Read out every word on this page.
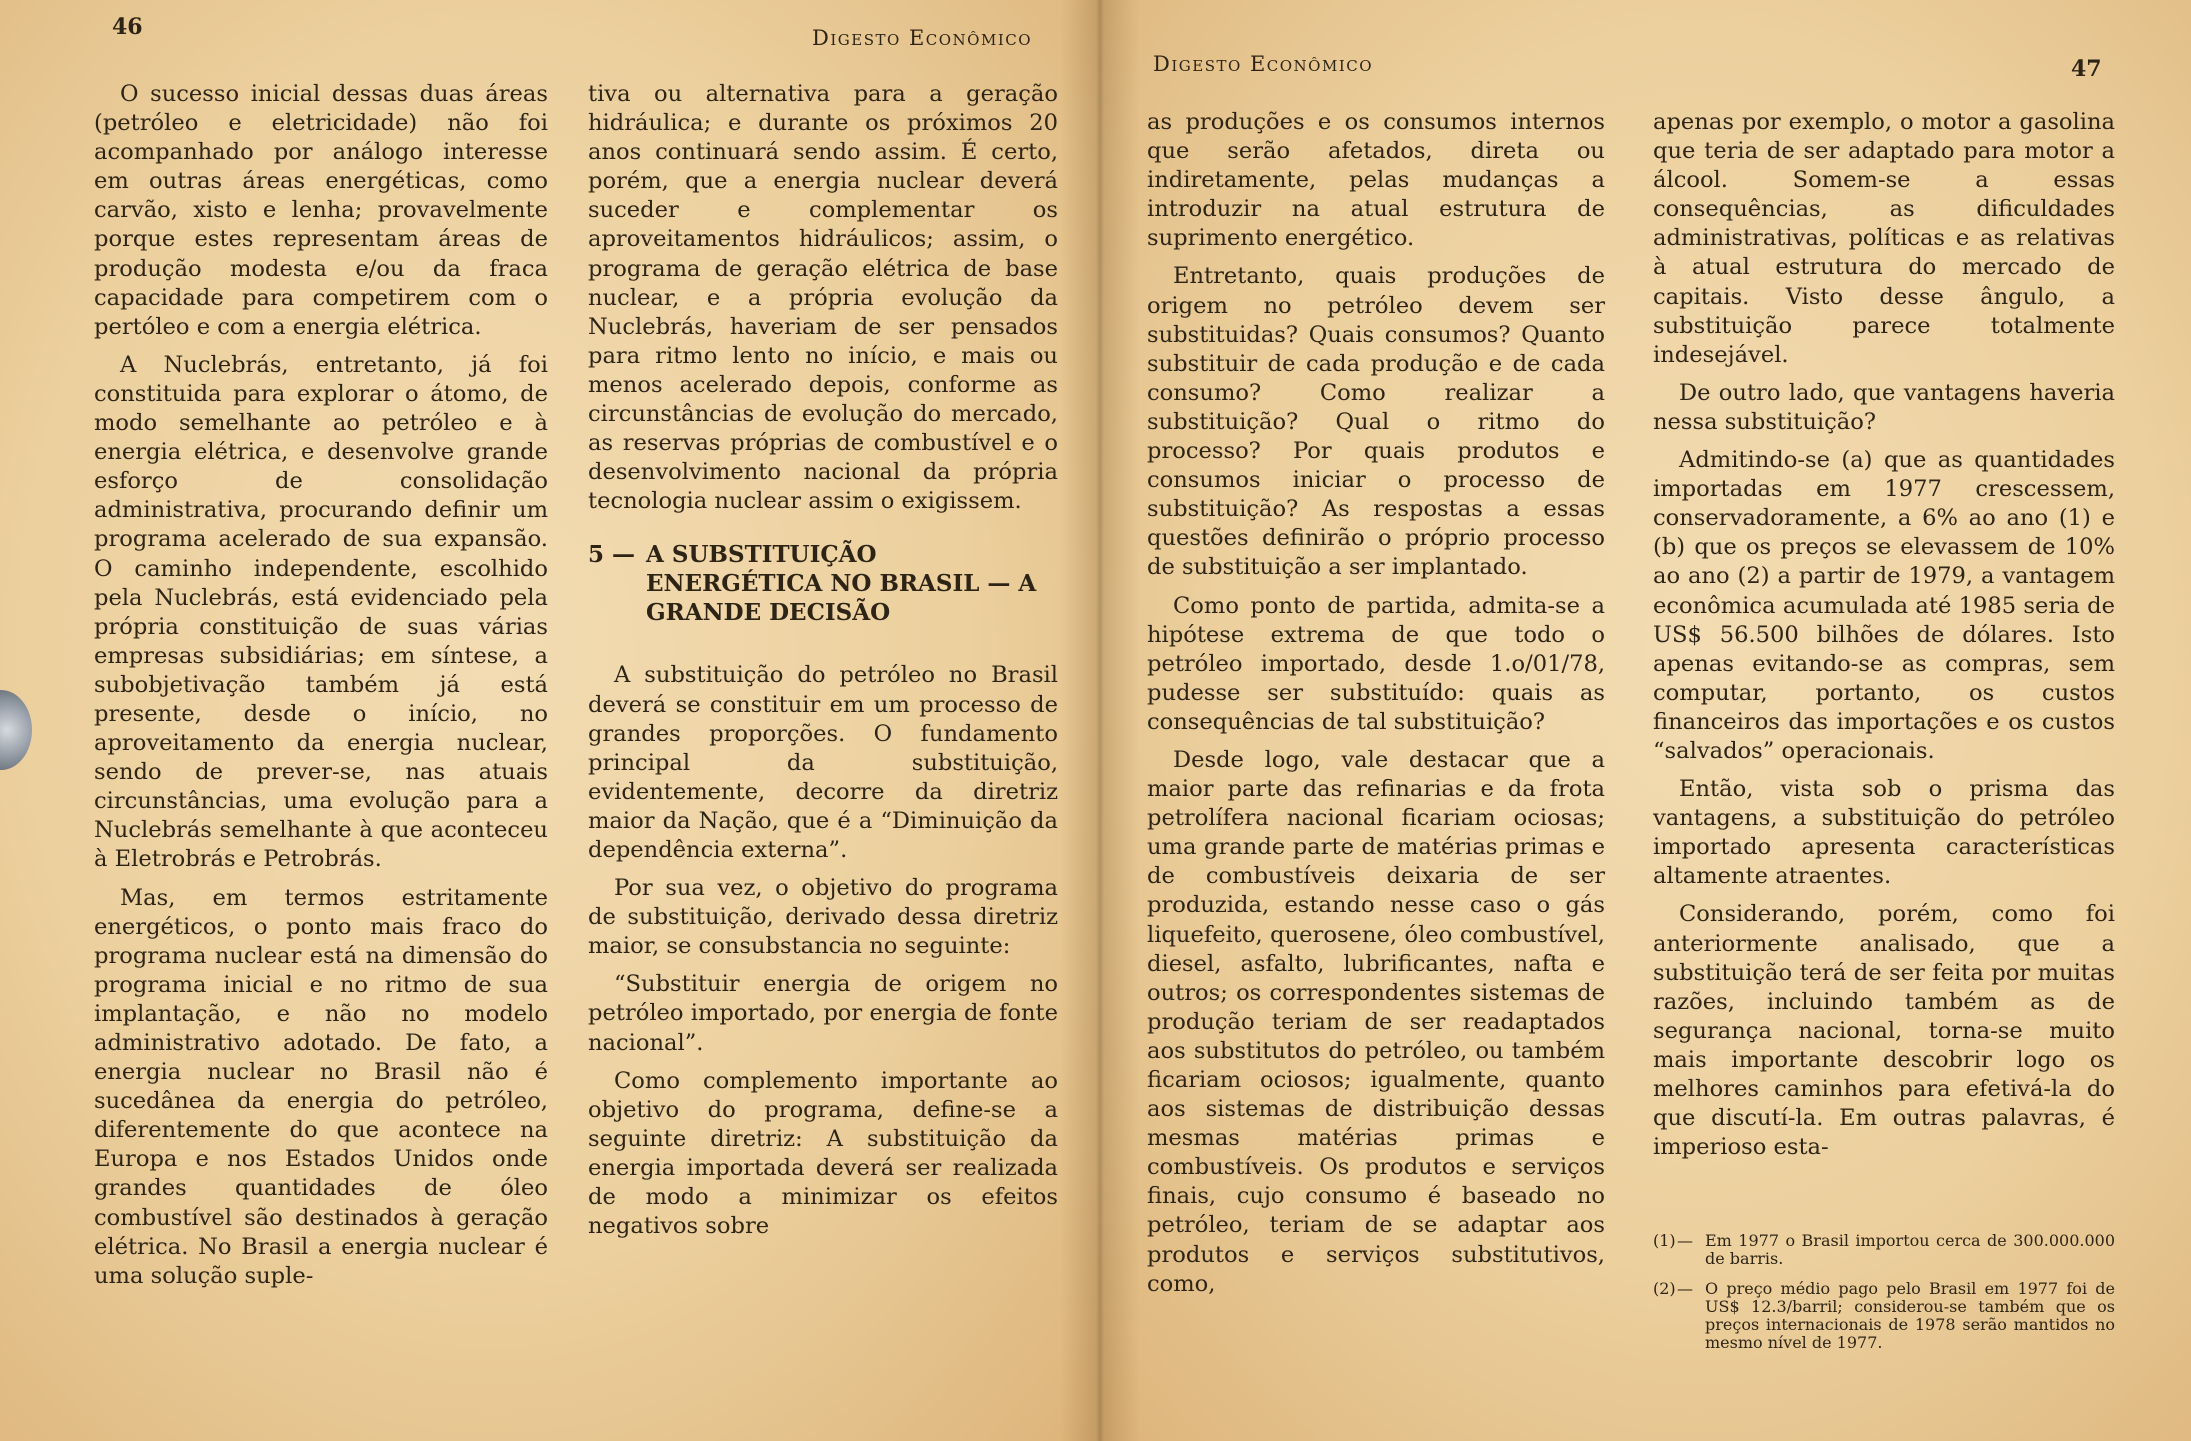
46	Digesto Econômico

O sucesso inicial dessas duas áreas (petróleo e eletricidade) não foi acompanhado por análogo interesse em outras áreas energéticas, como carvão, xisto e lenha; provavelmente porque estes representam áreas de produção modesta e/ou da fraca capacidade para competirem com o pertóleo e com a energia elétrica.

A Nuclebrás, entretanto, já foi constituida para explorar o átomo, de modo semelhante ao petróleo e à energia elétrica, e desenvolve grande esforço de consolidação administrativa, procurando definir um programa acelerado de sua expansão. O caminho independente, escolhido pela Nuclebrás, está evidenciado pela própria constituição de suas várias empresas subsidiárias; em síntese, a subobjetivação também já está presente, desde o início, no aproveitamento da energia nuclear, sendo de prever-se, nas atuais circunstâncias, uma evolução para a Nuclebrás semelhante à que aconteceu à Eletrobrás e Petrobrás.

Mas, em termos estritamente energéticos, o ponto mais fraco do programa nuclear está na dimensão do programa inicial e no ritmo de sua implantação, e não no modelo administrativo adotado. De fato, a energia nuclear no Brasil não é sucedânea da energia do petróleo, diferentemente do que acontece na Europa e nos Estados Unidos onde grandes quantidades de óleo combustível são destinados à geração elétrica. No Brasil a energia nuclear é uma solução suple-

tiva ou alternativa para a geração hidráulica; e durante os próximos 20 anos continuará sendo assim. É certo, porém, que a energia nuclear deverá suceder e complementar os aproveitamentos hidráulicos; assim, o programa de geração elétrica de base nuclear, e a própria evolução da Nuclebrás, haveriam de ser pensados para ritmo lento no início, e mais ou menos acelerado depois, conforme as circunstâncias de evolução do mercado, as reservas próprias de combustível e o desenvolvimento nacional da própria tecnologia nuclear assim o exigissem.

5 — A SUBSTITUIÇÃO ENERGÉTICA NO BRASIL — A GRANDE DECISÃO

A substituição do petróleo no Brasil deverá se constituir em um processo de grandes proporções. O fundamento principal da substituição, evidentemente, decorre da diretriz maior da Nação, que é a “Diminuição da dependência externa”.

Por sua vez, o objetivo do programa de substituição, derivado dessa diretriz maior, se consubstancia no seguinte:

“Substituir energia de origem no petróleo importado, por energia de fonte nacional”.

Como complemento importante ao objetivo do programa, define-se a seguinte diretriz: A substituição da energia importada deverá ser realizada de modo a minimizar os efeitos negativos sobre

Digesto Econômico	47

as produções e os consumos internos que serão afetados, direta ou indiretamente, pelas mudanças a introduzir na atual estrutura de suprimento energético.

Entretanto, quais produções de origem no petróleo devem ser substituidas? Quais consumos? Quanto substituir de cada produção e de cada consumo? Como realizar a substituição? Qual o ritmo do processo? Por quais produtos e consumos iniciar o processo de substituição? As respostas a essas questões definirão o próprio processo de substituição a ser implantado.

Como ponto de partida, admita-se a hipótese extrema de que todo o petróleo importado, desde 1.o/01/78, pudesse ser substituído: quais as consequências de tal substituição?

Desde logo, vale destacar que a maior parte das refinarias e da frota petrolífera nacional ficariam ociosas; uma grande parte de matérias primas e de combustíveis deixaria de ser produzida, estando nesse caso o gás liquefeito, querosene, óleo combustível, diesel, asfalto, lubrificantes, nafta e outros; os correspondentes sistemas de produção teriam de ser readaptados aos substitutos do petróleo, ou também ficariam ociosos; igualmente, quanto aos sistemas de distribuição dessas mesmas matérias primas e combustíveis. Os produtos e serviços finais, cujo consumo é baseado no petróleo, teriam de se adaptar aos produtos e serviços substitutivos, como,

apenas por exemplo, o motor a gasolina que teria de ser adaptado para motor a álcool. Somem-se a essas consequências, as dificuldades administrativas, políticas e as relativas à atual estrutura do mercado de capitais. Visto desse ângulo, a substituição parece totalmente indesejável.

De outro lado, que vantagens haveria nessa substituição?

Admitindo-se (a) que as quantidades importadas em 1977 crescessem, conservadoramente, a 6% ao ano (1) e (b) que os preços se elevassem de 10% ao ano (2) a partir de 1979, a vantagem econômica acumulada até 1985 seria de US$ 56.500 bilhões de dólares. Isto apenas evitando-se as compras, sem computar, portanto, os custos financeiros das importações e os custos “salvados” operacionais.

Então, vista sob o prisma das vantagens, a substituição do petróleo importado apresenta características altamente atraentes.

Considerando, porém, como foi anteriormente analisado, que a substituição terá de ser feita por muitas razões, incluindo também as de segurança nacional, torna-se muito mais importante descobrir logo os melhores caminhos para efetivá-la do que discutí-la. Em outras palavras, é imperioso esta-

(1) — Em 1977 o Brasil importou cerca de 300.000.000 de barris.
(2) — O preço médio pago pelo Brasil em 1977 foi de US$ 12.3/barril; considerou-se também que os preços internacionais de 1978 serão mantidos no mesmo nível de 1977.
